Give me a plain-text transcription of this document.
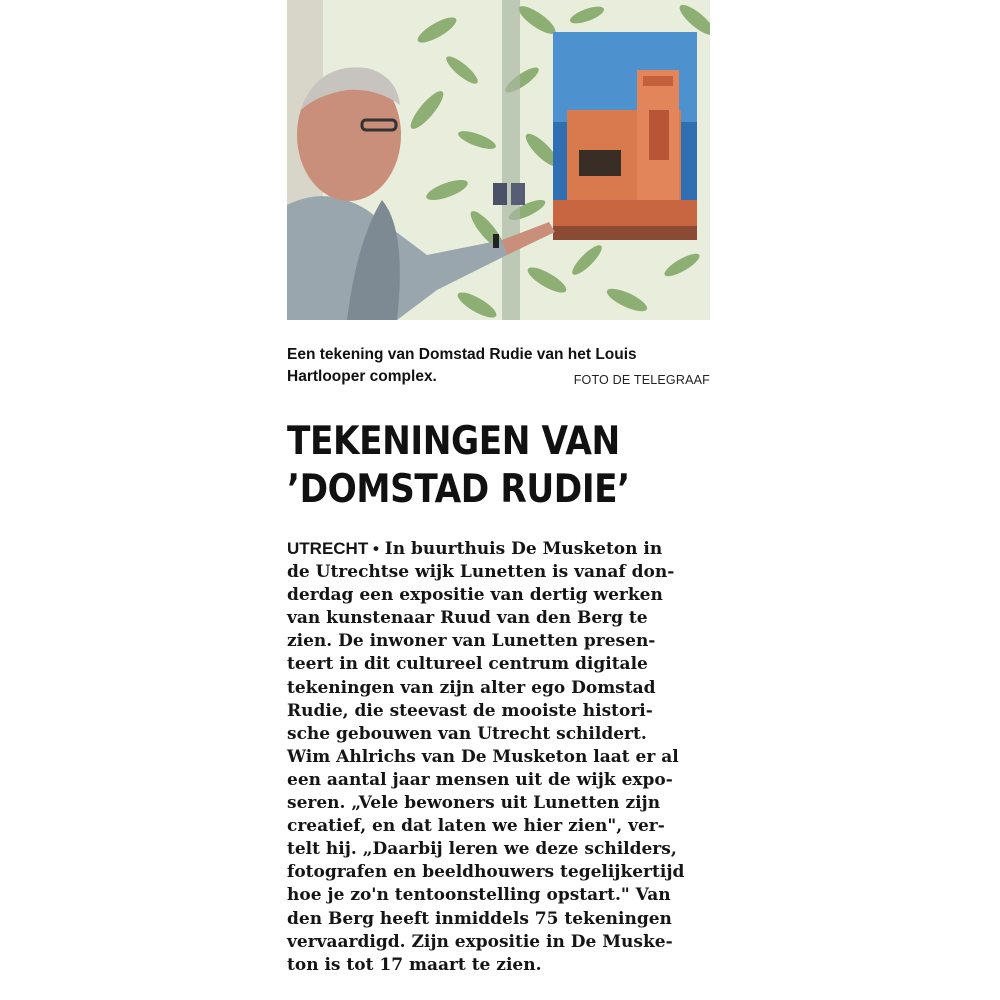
Een tekening van Domstad Rudie van het Louis
Hartlooper complex.	FOTO DE TELEGRAAF
TEKENINGEN VAN
’DOMSTAD RUDIE’
UTRECHT • In buurthuis De Musketon in
de Utrechtse wijk Lunetten is vanaf don-
derdag een expositie van dertig werken
van kunstenaar Ruud van den Berg te
zien. De inwoner van Lunetten presen-
teert in dit cultureel centrum digitale
tekeningen van zijn alter ego Domstad
Rudie, die steevast de mooiste histori-
sche gebouwen van Utrecht schildert.
Wim Ahlrichs van De Musketon laat er al
een aantal jaar mensen uit de wijk expo-
seren. „Vele bewoners uit Lunetten zijn
creatief, en dat laten we hier zien", ver-
telt hij. „Daarbij leren we deze schilders,
fotografen en beeldhouwers tegelijkertijd
hoe je zo'n tentoonstelling opstart." Van
den Berg heeft inmiddels 75 tekeningen
vervaardigd. Zijn expositie in De Muske-
ton is tot 17 maart te zien.
